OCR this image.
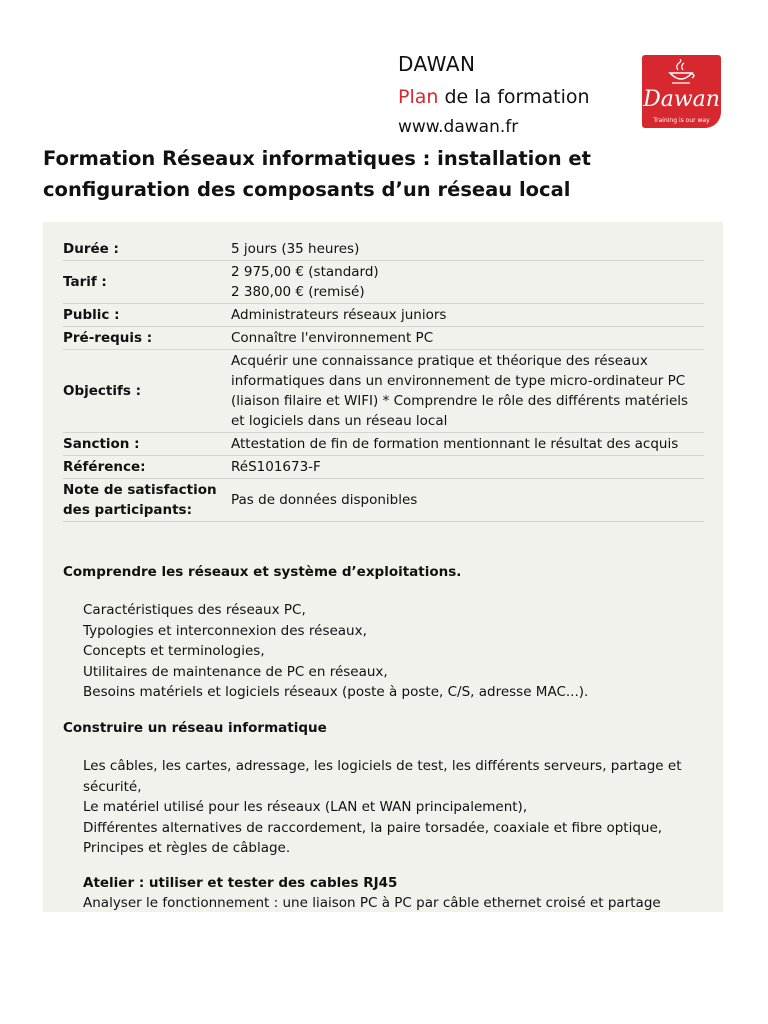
DAWAN
Plan de la formation
www.dawan.fr
Dawan
Training is our way
Formation Réseaux informatiques : installation et configuration des composants d’un réseau local
Durée :	5 jours (35 heures)
Tarif :	2 975,00 € (standard)
2 380,00 € (remisé)

Public :	Administrateurs réseaux juniors
Pré-requis :	Connaître l'environnement PC
Objectifs :	Acquérir une connaissance pratique et théorique des réseaux informatiques dans un environnement de type micro-ordinateur PC (liaison filaire et WIFI) * Comprendre le rôle des différents matériels et logiciels dans un réseau local
Sanction :	Attestation de fin de formation mentionnant le résultat des acquis
Référence:	RéS101673-F
Note de satisfaction des participants:	Pas de données disponibles
Comprendre les réseaux et système d’exploitations.
Caractéristiques des réseaux PC,
Typologies et interconnexion des réseaux,
Concepts et terminologies,
Utilitaires de maintenance de PC en réseaux,
Besoins matériels et logiciels réseaux (poste à poste, C/S, adresse MAC...).
Construire un réseau informatique
Les câbles, les cartes, adressage, les logiciels de test, les différents serveurs, partage et sécurité,
Le matériel utilisé pour les réseaux (LAN et WAN principalement),
Différentes alternatives de raccordement, la paire torsadée, coaxiale et fibre optique,
Principes et règles de câblage.
Atelier : utiliser et tester des cables RJ45

Analyser le fonctionnement : une liaison PC à PC par câble ethernet croisé et partage
